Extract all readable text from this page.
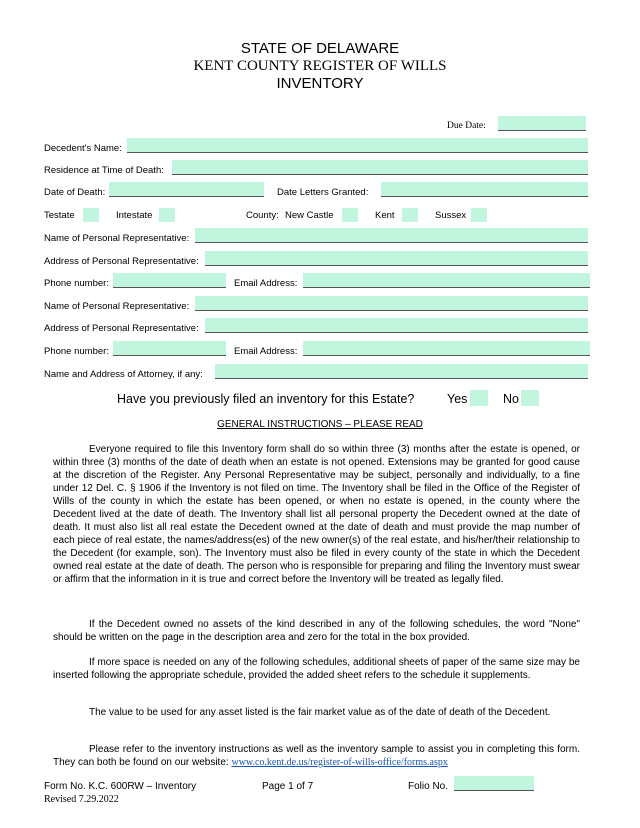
STATE OF DELAWARE
KENT COUNTY REGISTER OF WILLS
INVENTORY
Due Date:
Decedent's Name:
Residence at Time of Death:
Date of Death:	Date Letters Granted:
Testate	Intestate	County: New Castle	Kent	Sussex
Name of Personal Representative:
Address of Personal Representative:
Phone number:	Email Address:
Name of Personal Representative:
Address of Personal Representative:
Phone number:	Email Address:
Name and Address of Attorney, if any:
Have you previously filed an inventory for this Estate?	Yes	No
GENERAL INSTRUCTIONS – PLEASE READ
Everyone required to file this Inventory form shall do so within three (3) months after the estate is opened, or within three (3) months of the date of death when an estate is not opened. Extensions may be granted for good cause at the discretion of the Register. Any Personal Representative may be subject, personally and individually, to a fine under 12 Del. C. § 1906 if the Inventory is not filed on time. The Inventory shall be filed in the Office of the Register of Wills of the county in which the estate has been opened, or when no estate is opened, in the county where the Decedent lived at the date of death. The Inventory shall list all personal property the Decedent owned at the date of death. It must also list all real estate the Decedent owned at the date of death and must provide the map number of each piece of real estate, the names/address(es) of the new owner(s) of the real estate, and his/her/their relationship to the Decedent (for example, son). The Inventory must also be filed in every county of the state in which the Decedent owned real estate at the date of death. The person who is responsible for preparing and filing the Inventory must swear or affirm that the information in it is true and correct before the Inventory will be treated as legally filed.
If the Decedent owned no assets of the kind described in any of the following schedules, the word "None" should be written on the page in the description area and zero for the total in the box provided.
If more space is needed on any of the following schedules, additional sheets of paper of the same size may be inserted following the appropriate schedule, provided the added sheet refers to the schedule it supplements.
The value to be used for any asset listed is the fair market value as of the date of death of the Decedent.
Please refer to the inventory instructions as well as the inventory sample to assist you in completing this form. They can both be found on our website: www.co.kent.de.us/register-of-wills-office/forms.aspx
Form No. K.C. 600RW – Inventory
Revised 7.29.2022
Page 1 of 7	Folio No.
